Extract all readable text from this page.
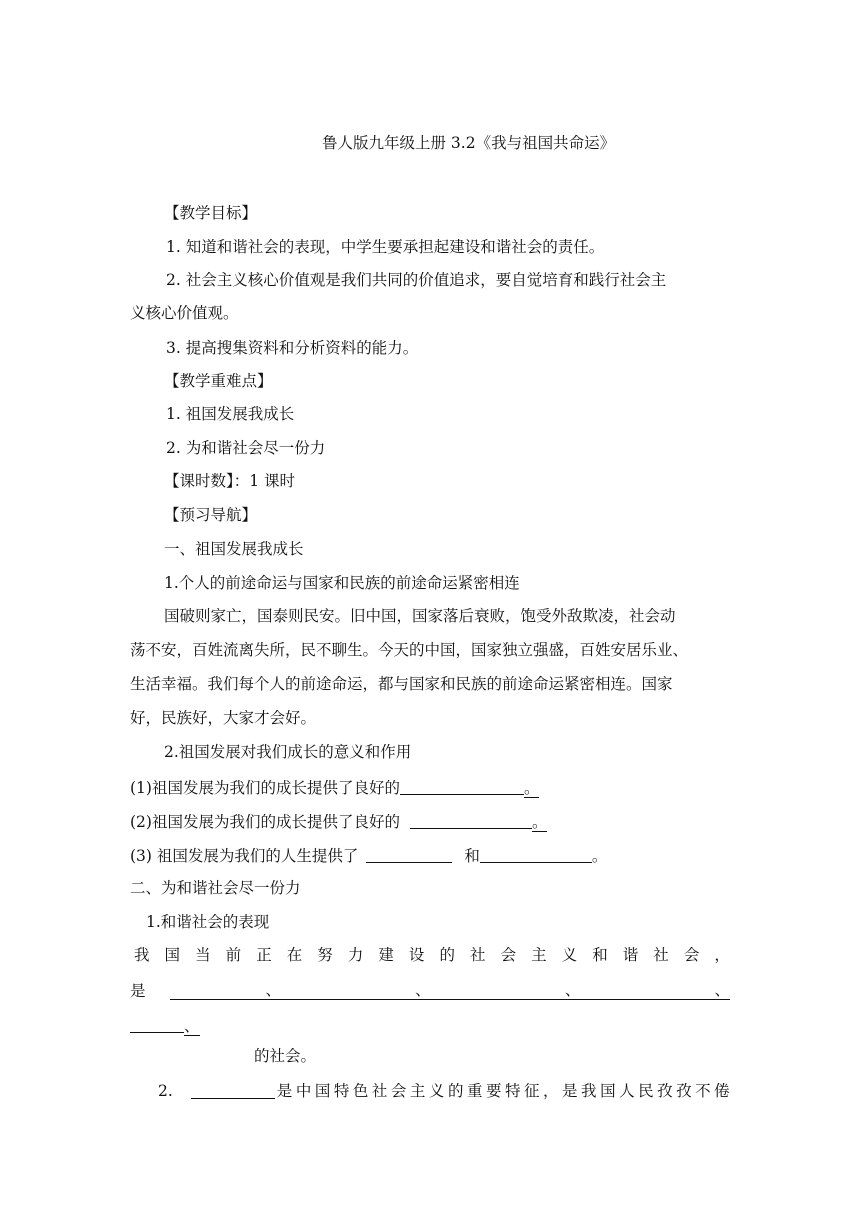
鲁人版九年级上册 3.2《我与祖国共命运》
【教学目标】
1. 知道和谐社会的表现，中学生要承担起建设和谐社会的责任。
2. 社会主义核心价值观是我们共同的价值追求，要自觉培育和践行社会主
义核心价值观。
3. 提高搜集资料和分析资料的能力。
【教学重难点】
1. 祖国发展我成长
2. 为和谐社会尽一份力
【课时数】：1 课时
【预习导航】
一、祖国发展我成长
1.个人的前途命运与国家和民族的前途命运紧密相连
国破则家亡，国泰则民安。旧中国，国家落后衰败，饱受外敌欺凌，社会动
荡不安，百姓流离失所，民不聊生。今天的中国，国家独立强盛，百姓安居乐业、
生活幸福。我们每个人的前途命运，都与国家和民族的前途命运紧密相连。国家
好，民族好，大家才会好。
2.祖国发展对我们成长的意义和作用
(1)祖国发展为我们的成长提供了良好的	。
(2)祖国发展为我们的成长提供了良好的	。
(3) 祖国发展为我们的人生提供了	和	。
二、为和谐社会尽一份力
1.和谐社会的表现
我 国 当 前 正 在 努 力 建 设 的 社 会 主 义 和 谐 社 会 ，
是	、	、	、	、
、
的社会。
2.	是 中 国 特 色 社 会 主 义 的 重 要 特 征 ， 是 我 国 人 民 孜 孜 不 倦
